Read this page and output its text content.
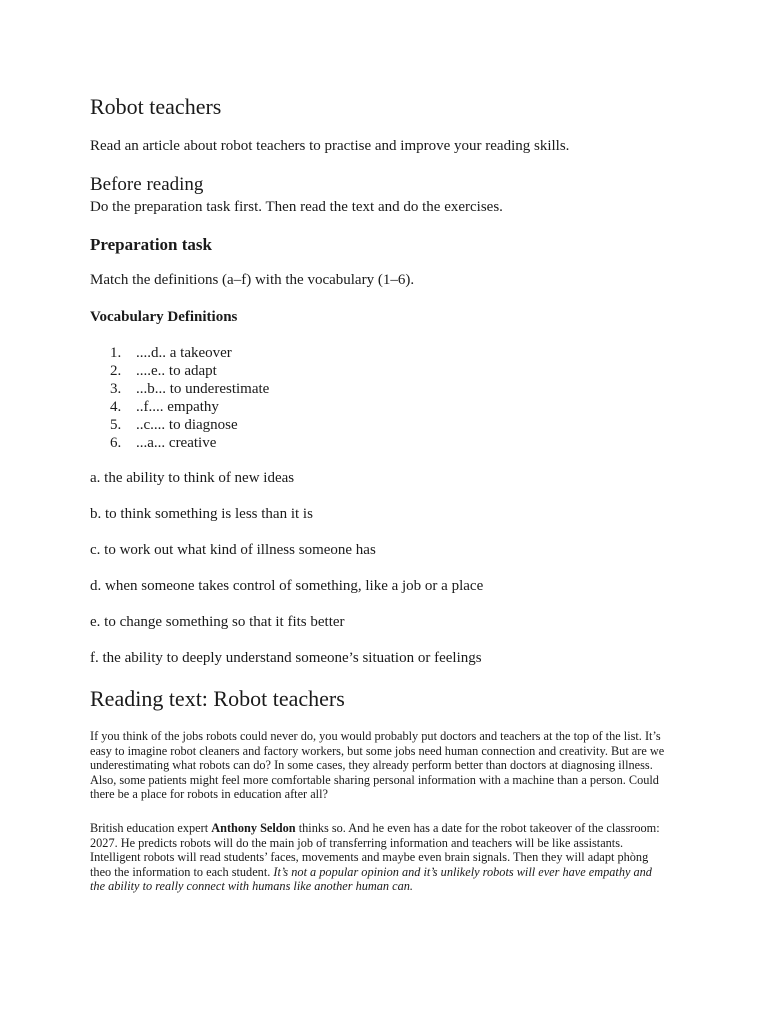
Robot teachers

Read an article about robot teachers to practise and improve your reading skills.

Before reading

Do the preparation task first. Then read the text and do the exercises.

Preparation task

Match the definitions (a–f) with the vocabulary (1–6).

Vocabulary Definitions
1. ....d.. a takeover
2. ....e.. to adapt
3. ...b... to underestimate
4. ..f.... empathy
5. ..c.... to diagnose
6. ...a... creative

a. the ability to think of new ideas

b. to think something is less than it is

c. to work out what kind of illness someone has

d. when someone takes control of something, like a job or a place

e. to change something so that it fits better

f. the ability to deeply understand someone’s situation or feelings

Reading text: Robot teachers

If you think of the jobs robots could never do, you would probably put doctors and teachers at the top of the list. It’s
easy to imagine robot cleaners and factory workers, but some jobs need human connection and creativity. But are we
underestimating what robots can do? In some cases, they already perform better than doctors at diagnosing illness.
Also, some patients might feel more comfortable sharing personal information with a machine than a person. Could
there be a place for robots in education after all?

British education expert Anthony Seldon thinks so. And he even has a date for the robot takeover of the classroom:
2027. He predicts robots will do the main job of transferring information and teachers will be like assistants.
Intelligent robots will read students’ faces, movements and maybe even brain signals. Then they will adapt phòng
theo the information to each student. It’s not a popular opinion and it’s unlikely robots will ever have empathy and
the ability to really connect with humans like another human can.
